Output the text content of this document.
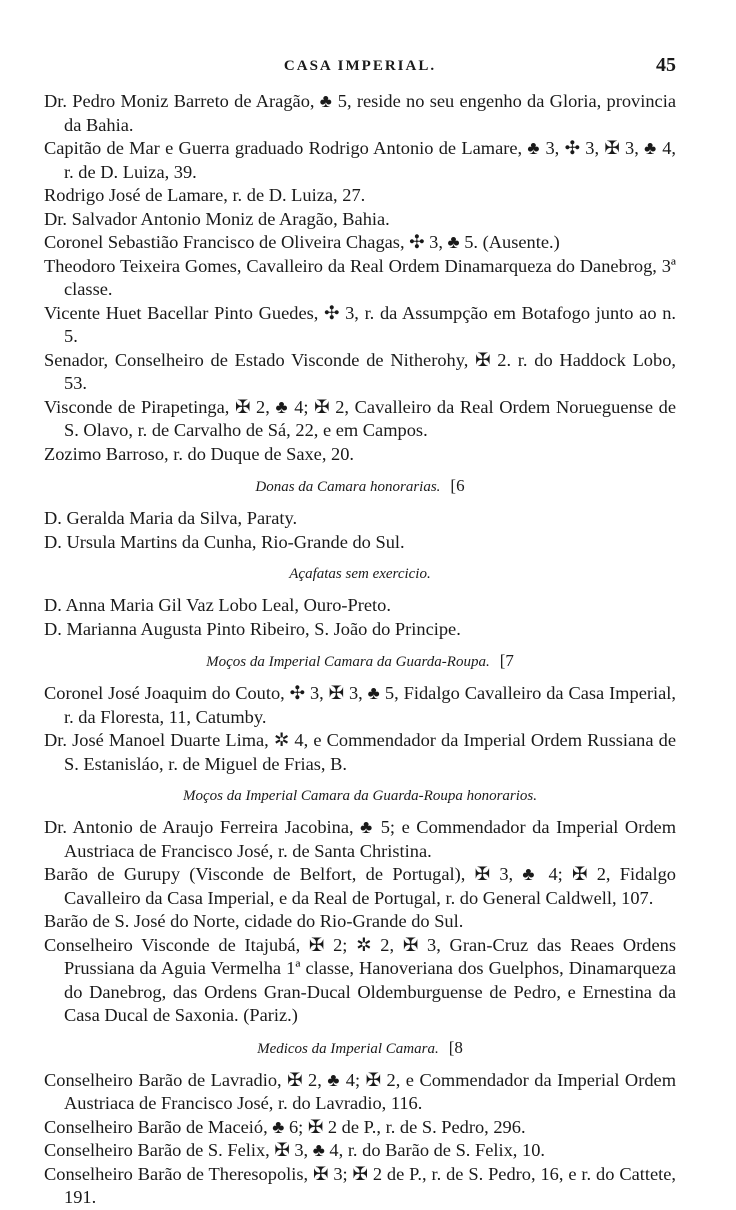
CASA IMPERIAL.	45
Dr. Pedro Moniz Barreto de Aragão, ♣ 5, reside no seu engenho da Gloria, provincia da Bahia.
Capitão de Mar e Guerra graduado Rodrigo Antonio de Lamare, ♣ 3, ✣ 3, ✠ 3, ♣ 4, r. de D. Luiza, 39.
Rodrigo José de Lamare, r. de D. Luiza, 27.
Dr. Salvador Antonio Moniz de Aragão, Bahia.
Coronel Sebastião Francisco de Oliveira Chagas, ✣ 3, ♣ 5. (Ausente.)
Theodoro Teixeira Gomes, Cavalleiro da Real Ordem Dinamarqueza do Danebrog, 3ª classe.
Vicente Huet Bacellar Pinto Guedes, ✣ 3, r. da Assumpção em Botafogo junto ao n. 5.
Senador, Conselheiro de Estado Visconde de Nitherohy, ✠ 2. r. do Haddock Lobo, 53.
Visconde de Pirapetinga, ✠ 2, ♣ 4; ✠ 2, Cavalleiro da Real Ordem Norueguense de S. Olavo, r. de Carvalho de Sá, 22, e em Campos.
Zozimo Barroso, r. do Duque de Saxe, 20.
Donas da Camara honorarias. [6
D. Geralda Maria da Silva, Paraty.
D. Ursula Martins da Cunha, Rio-Grande do Sul.
Açafatas sem exercicio.
D. Anna Maria Gil Vaz Lobo Leal, Ouro-Preto.
D. Marianna Augusta Pinto Ribeiro, S. João do Principe.
Moços da Imperial Camara da Guarda-Roupa. [7
Coronel José Joaquim do Couto, ✣ 3, ✠ 3, ♣ 5, Fidalgo Cavalleiro da Casa Imperial, r. da Floresta, 11, Catumby.
Dr. José Manoel Duarte Lima, ✲ 4, e Commendador da Imperial Ordem Russiana de S. Estanisláo, r. de Miguel de Frias, B.
Moços da Imperial Camara da Guarda-Roupa honorarios.
Dr. Antonio de Araujo Ferreira Jacobina, ♣ 5; e Commendador da Imperial Ordem Austriaca de Francisco José, r. de Santa Christina.
Barão de Gurupy (Visconde de Belfort, de Portugal), ✠ 3, ♣ 4; ✠ 2, Fidalgo Cavalleiro da Casa Imperial, e da Real de Portugal, r. do General Caldwell, 107.
Barão de S. José do Norte, cidade do Rio-Grande do Sul.
Conselheiro Visconde de Itajubá, ✠ 2; ✲ 2, ✠ 3, Gran-Cruz das Reaes Ordens Prussiana da Aguia Vermelha 1ª classe, Hanoveriana dos Guelphos, Dinamarqueza do Danebrog, das Ordens Gran-Ducal Oldemburguense de Pedro, e Ernestina da Casa Ducal de Saxonia. (Pariz.)
Medicos da Imperial Camara. [8
Conselheiro Barão de Lavradio, ✠ 2, ♣ 4; ✠ 2, e Commendador da Imperial Ordem Austriaca de Francisco José, r. do Lavradio, 116.
Conselheiro Barão de Maceió, ♣ 6; ✠ 2 de P., r. de S. Pedro, 296.
Conselheiro Barão de S. Felix, ✠ 3, ♣ 4, r. do Barão de S. Felix, 10.
Conselheiro Barão de Theresopolis, ✠ 3; ✠ 2 de P., r. de S. Pedro, 16, e r. do Cattete, 191.
